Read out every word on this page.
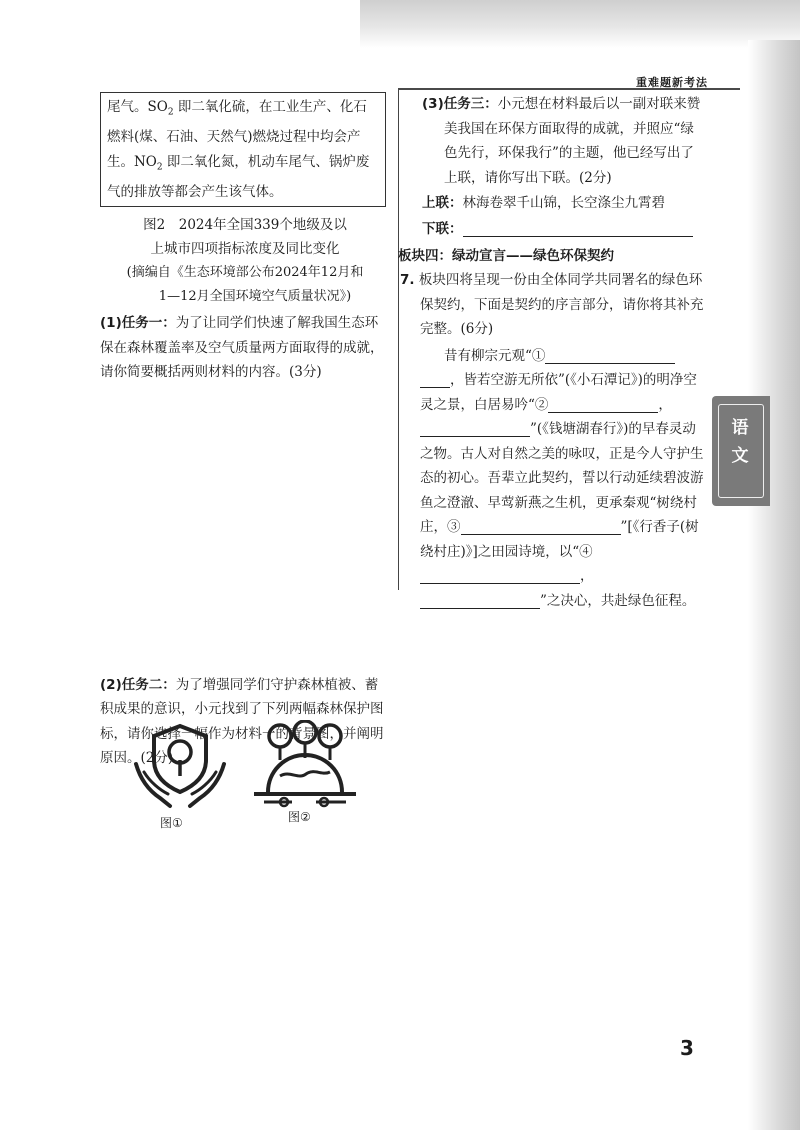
重难题新考法
尾气。$SO_2$ 即二氧化硫，在工业生产、化石
燃料(煤、石油、天然气)燃烧过程中均会产
生。$NO_2$ 即二氧化氮，机动车尾气、锅炉废
气的排放等都会产生该气体。

图2　2024年全国339个地级及以

上城市四项指标浓度及同比变化

(摘编自《生态环境部公布2024年12月和

1—12月全国环境空气质量状况》)

(1)任务一：为了让同学们快速了解我国生态环保在森林覆盖率及空气质量两方面取得的成就，请你简要概括两则材料的内容。(3分)

(2)任务二：为了增强同学们守护森林植被、蓄积成果的意识，小元找到了下列两幅森林保护图标，请你选择一幅作为材料一的背景图，并阐明原因。(2分)

图①	图②

(3)任务三：小元想在材料最后以一副对联来赞美我国在环保方面取得的成就，并照应“绿色先行，环保我行”的主题，他已经写出了上联，请你写出下联。(2分)

上联：林海卷翠千山锦，长空涤尘九霄碧

下联：

板块四：绿动宣言——绿色环保契约

7. 板块四将呈现一份由全体同学共同署名的绿色环保契约，下面是契约的序言部分，请你将其补充完整。(6分)

昔有柳宗元观“①，皆若空游无所依”(《小石潭记》)的明净空灵之景，白居易吟“②	，”(《钱塘湖春行》)的早春灵动之物。古人对自然之美的咏叹，正是今人守护生态的初心。吾辈立此契约，誓以行动延续碧波游鱼之澄澈、早莺新燕之生机，更承秦观“树绕村庄，③	”[《行香子(树绕村庄)》]之田园诗境，以“④，”之决心，共赴绿色征程。

语
文
3
